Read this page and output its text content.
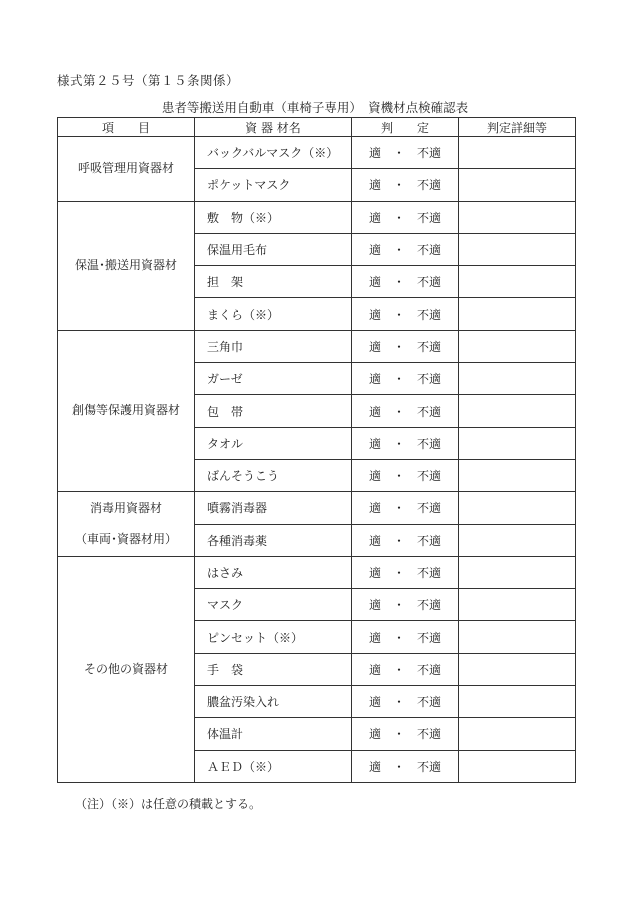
様式第２５号（第１５条関係）
患者等搬送用自動車（車椅子専用）　資機材点検確認表
項　　目	資 器 材名	判　　定	判定詳細等

呼吸管理用資器材	バックバルマスク（※）	適　・　不適	
	ポケットマスク	適　・　不適	

保温･搬送用資器材	敷　物（※）	適　・　不適	
	保温用毛布	適　・　不適	
	担　架	適　・　不適	
	まくら（※）	適　・　不適	

創傷等保護用資器材	三角巾	適　・　不適	
	ガーゼ	適　・　不適	
	包　帯	適　・　不適	
	タオル	適　・　不適	
	ばんそうこう	適　・　不適	

消毒用資器材
（車両･資器材用）	噴霧消毒器	適　・　不適	
	各種消毒薬	適　・　不適	

その他の資器材	はさみ	適　・　不適	
	マスク	適　・　不適	
	ピンセット（※）	適　・　不適	
	手　袋	適　・　不適	
	膿盆汚染入れ	適　・　不適	
	体温計	適　・　不適	
	ＡＥＤ（※）	適　・　不適	
（注）（※）は任意の積載とする。
